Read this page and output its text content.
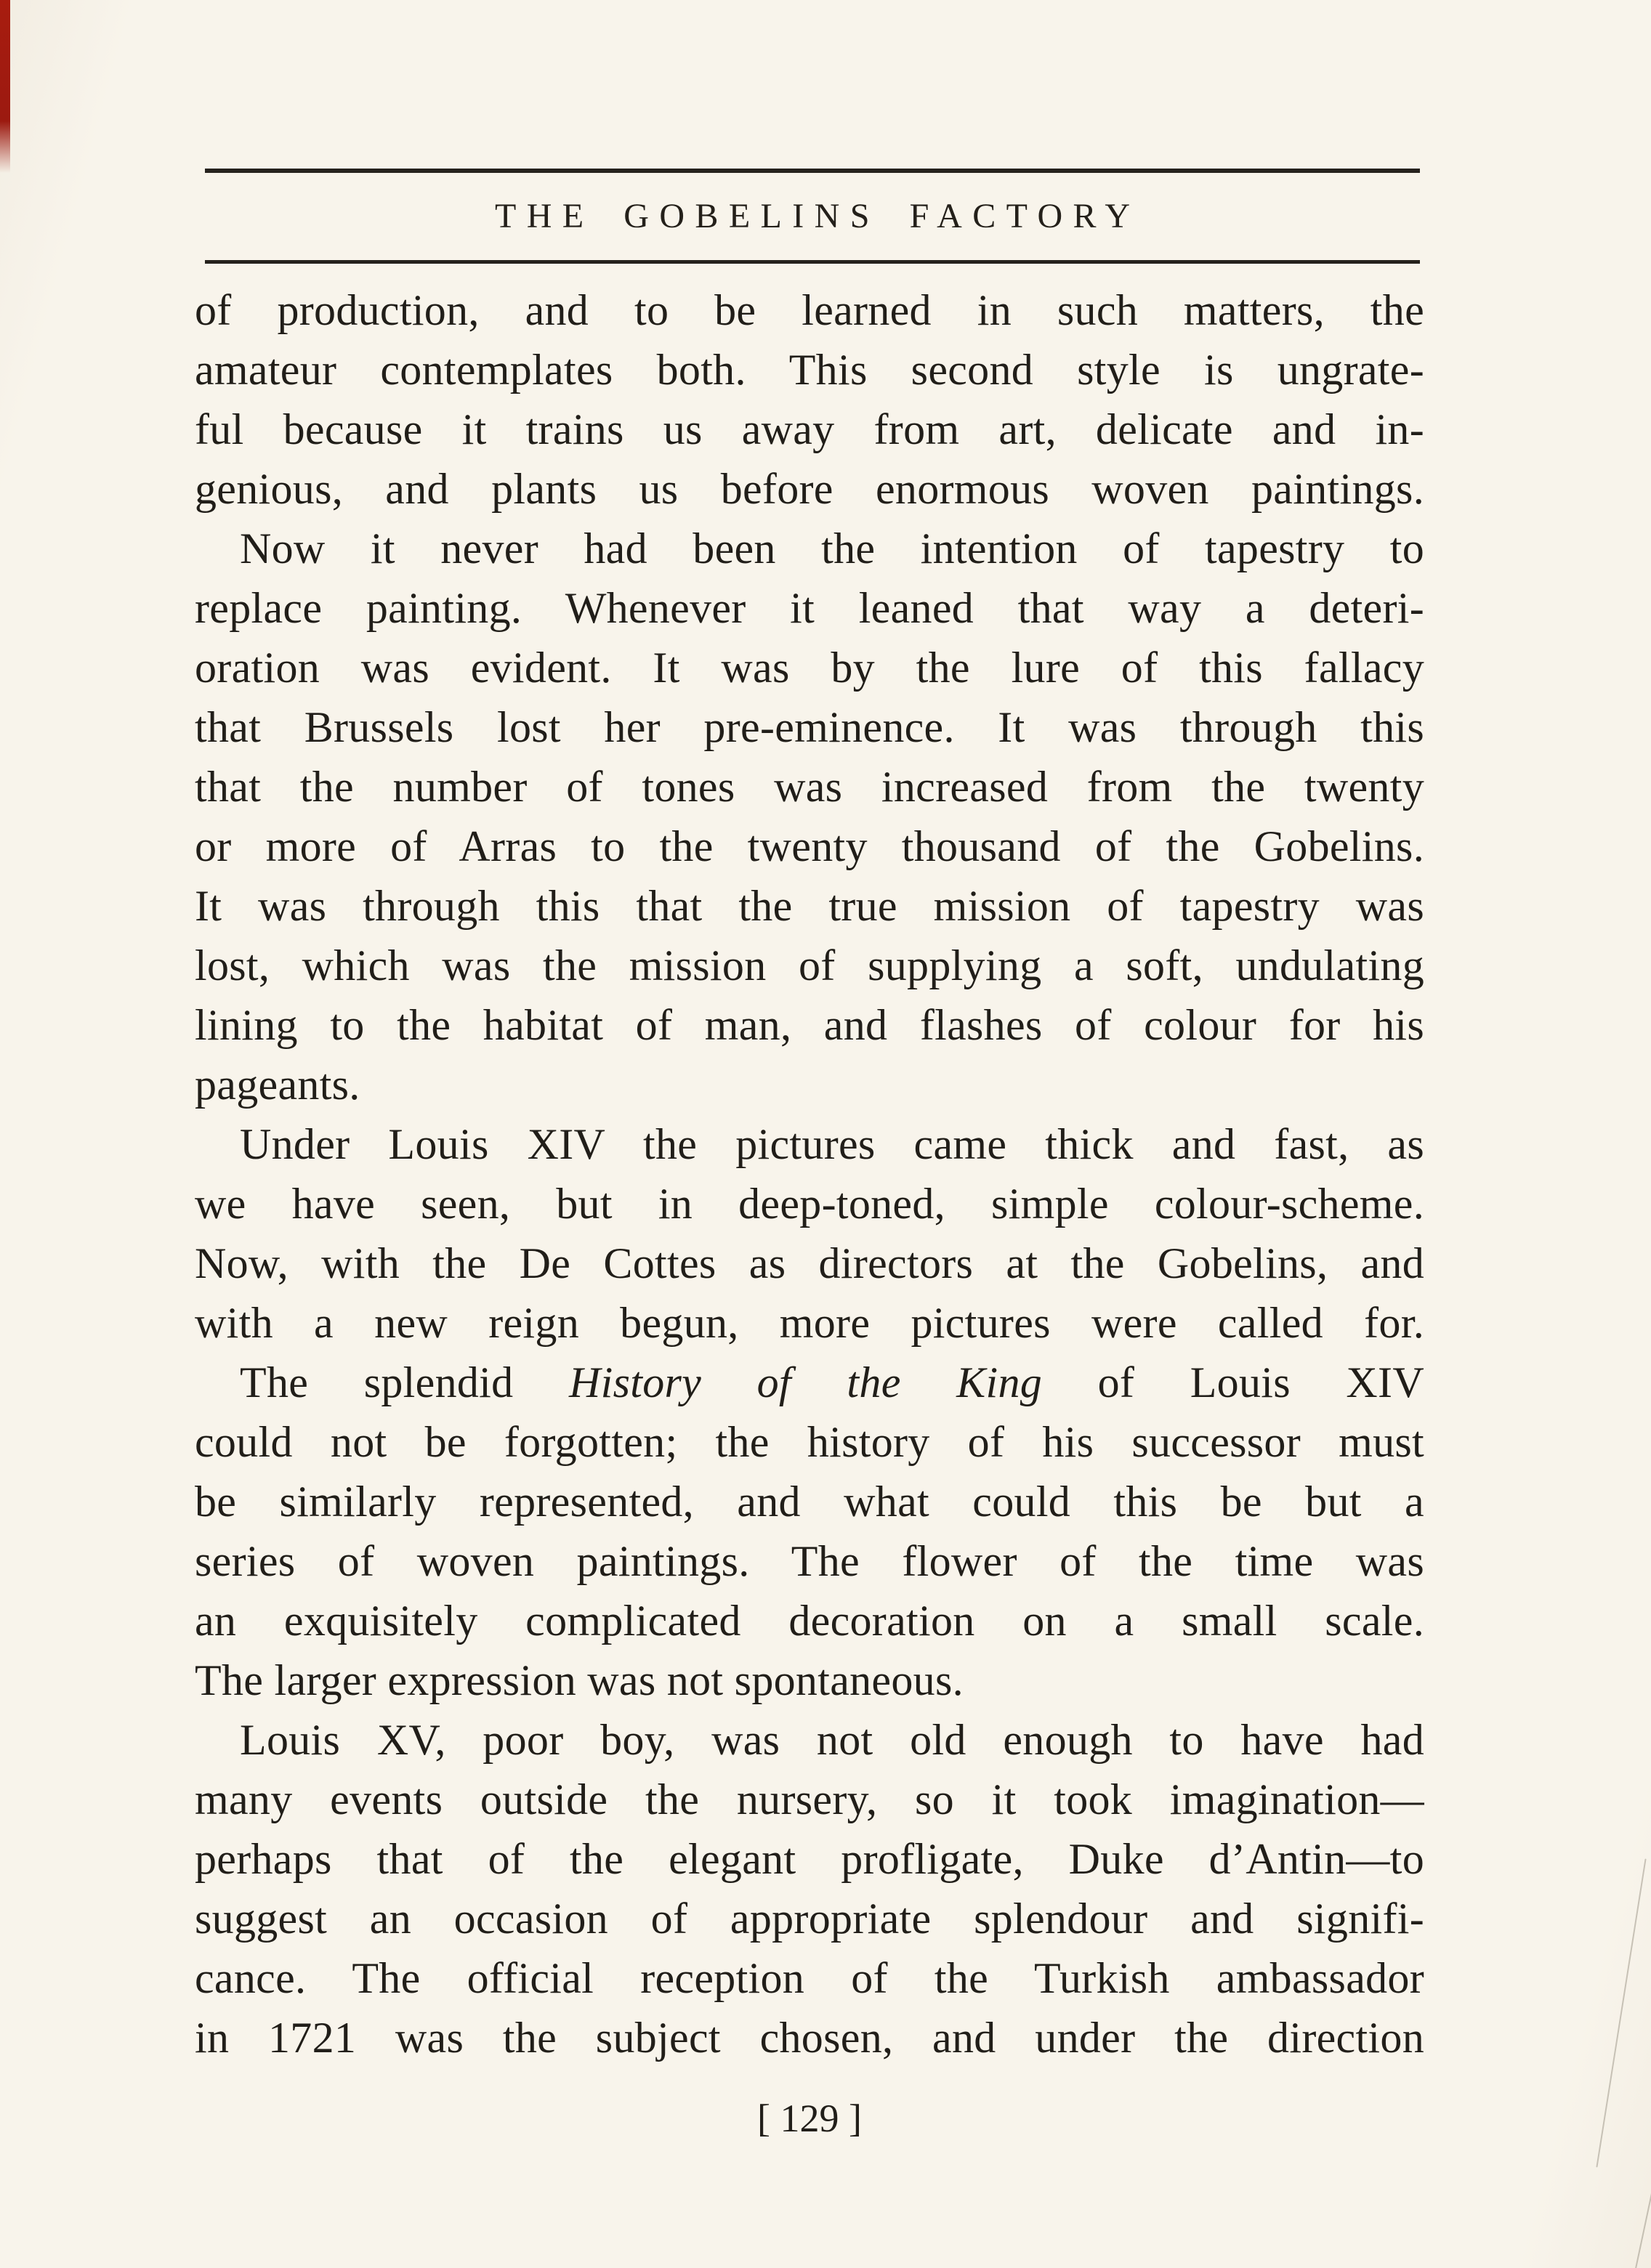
THE GOBELINS FACTORY
of production, and to be learned in such matters, the
amateur contemplates both. This second style is ungrate-
ful because it trains us away from art, delicate and in-
genious, and plants us before enormous woven paintings.
Now it never had been the intention of tapestry to
replace painting. Whenever it leaned that way a deteri-
oration was evident. It was by the lure of this fallacy
that Brussels lost her pre-eminence. It was through this
that the number of tones was increased from the twenty
or more of Arras to the twenty thousand of the Gobelins.
It was through this that the true mission of tapestry was
lost, which was the mission of supplying a soft, undulating
lining to the habitat of man, and flashes of colour for his
pageants.
Under Louis XIV the pictures came thick and fast, as
we have seen, but in deep-toned, simple colour-scheme.
Now, with the De Cottes as directors at the Gobelins, and
with a new reign begun, more pictures were called for.
The splendid History of the King of Louis XIV
could not be forgotten; the history of his successor must
be similarly represented, and what could this be but a
series of woven paintings. The flower of the time was
an exquisitely complicated decoration on a small scale.
The larger expression was not spontaneous.
Louis XV, poor boy, was not old enough to have had
many events outside the nursery, so it took imagination—
perhaps that of the elegant profligate, Duke d’Antin—to
suggest an occasion of appropriate splendour and signifi-
cance. The official reception of the Turkish ambassador
in 1721 was the subject chosen, and under the direction
[ 129 ]
